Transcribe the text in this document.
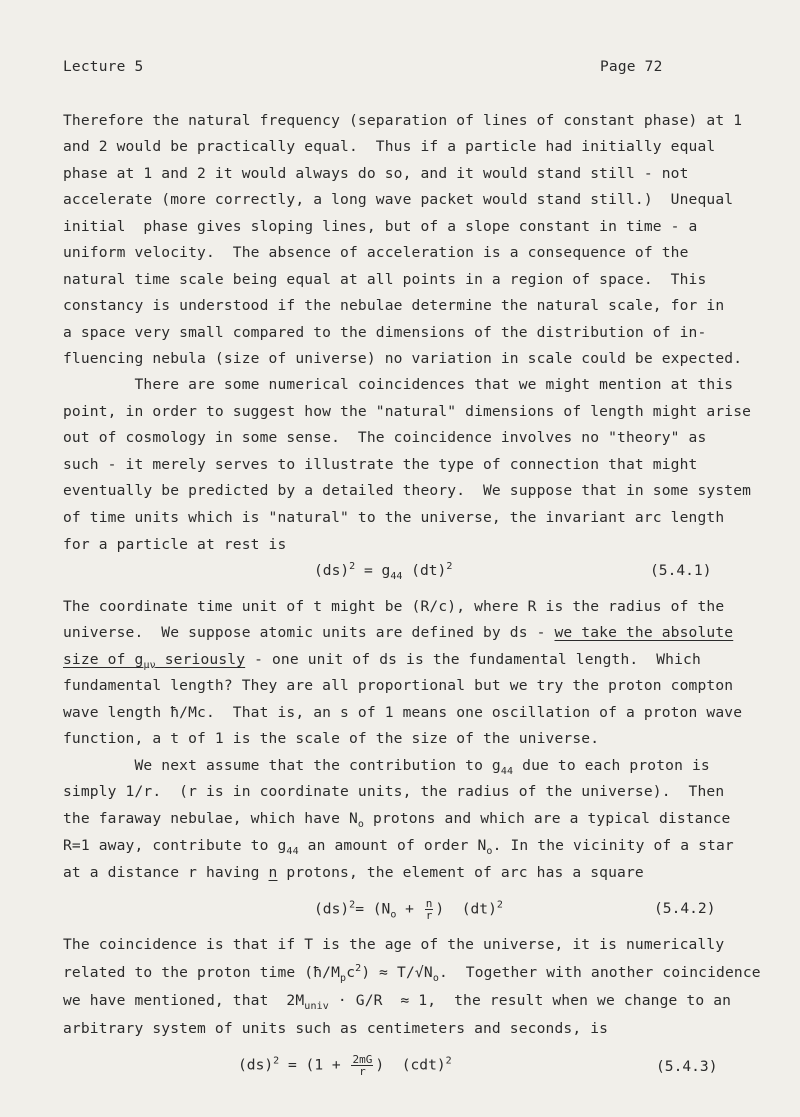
Lecture 5	Page 72
Therefore the natural frequency (separation of lines of constant phase) at 1
and 2 would be practically equal.  Thus if a particle had initially equal
phase at 1 and 2 it would always do so, and it would stand still - not
accelerate (more correctly, a long wave packet would stand still.)  Unequal
initial  phase gives sloping lines, but of a slope constant in time - a
uniform velocity.  The absence of acceleration is a consequence of the
natural time scale being equal at all points in a region of space.  This
constancy is understood if the nebulae determine the natural scale, for in
a space very small compared to the dimensions of the distribution of in-
fluencing nebula (size of universe) no variation in scale could be expected.
There are some numerical coincidences that we might mention at this
point, in order to suggest how the "natural" dimensions of length might arise
out of cosmology in some sense.  The coincidence involves no "theory" as
such - it merely serves to illustrate the type of connection that might
eventually be predicted by a detailed theory.  We suppose that in some system
of time units which is "natural" to the universe, the invariant arc length
for a particle at rest is
$(ds)^2 = g_{44}$ (dt)$^2$	(5.4.1)
The coordinate time unit of t might be (R/c), where R is the radius of the
universe.  We suppose atomic units are defined by ds - we take the absolute
size of $g_{\mu\nu}$ seriously - one unit of ds is the fundamental length.  Which
fundamental length? They are all proportional but we try the proton compton
wave length ħ/Mc.  That is, an s of 1 means one oscillation of a proton wave
function, a t of 1 is the scale of the size of the universe.
We next assume that the contribution to $g_{44}$ due to each proton is
simply 1/r.  (r is in coordinate units, the radius of the universe).  Then
the faraway nebulae, which have $N_o$ protons and which are a typical distance
R=1 away, contribute to $g_{44}$ an amount of order $N_o$. In the vicinity of a star
at a distance r having n protons, the element of arc has a square
$(ds)^2= (N_o + \frac{n}{r}$ )  (dt)$^2$	(5.4.2)
The coincidence is that if T is the age of the universe, it is numerically
related to the proton time $(ħ/M_pc^2) \approx T/√N_o$.  Together with another coincidence
we have mentioned, that  $2M_{univ} \cdot G/R \approx 1$,  the result when we change to an
arbitrary system of units such as centimeters and seconds, is
$(ds)^2 = (1 + \frac{2mG}{r}$ )  (cdt)$^2$	(5.4.3)
